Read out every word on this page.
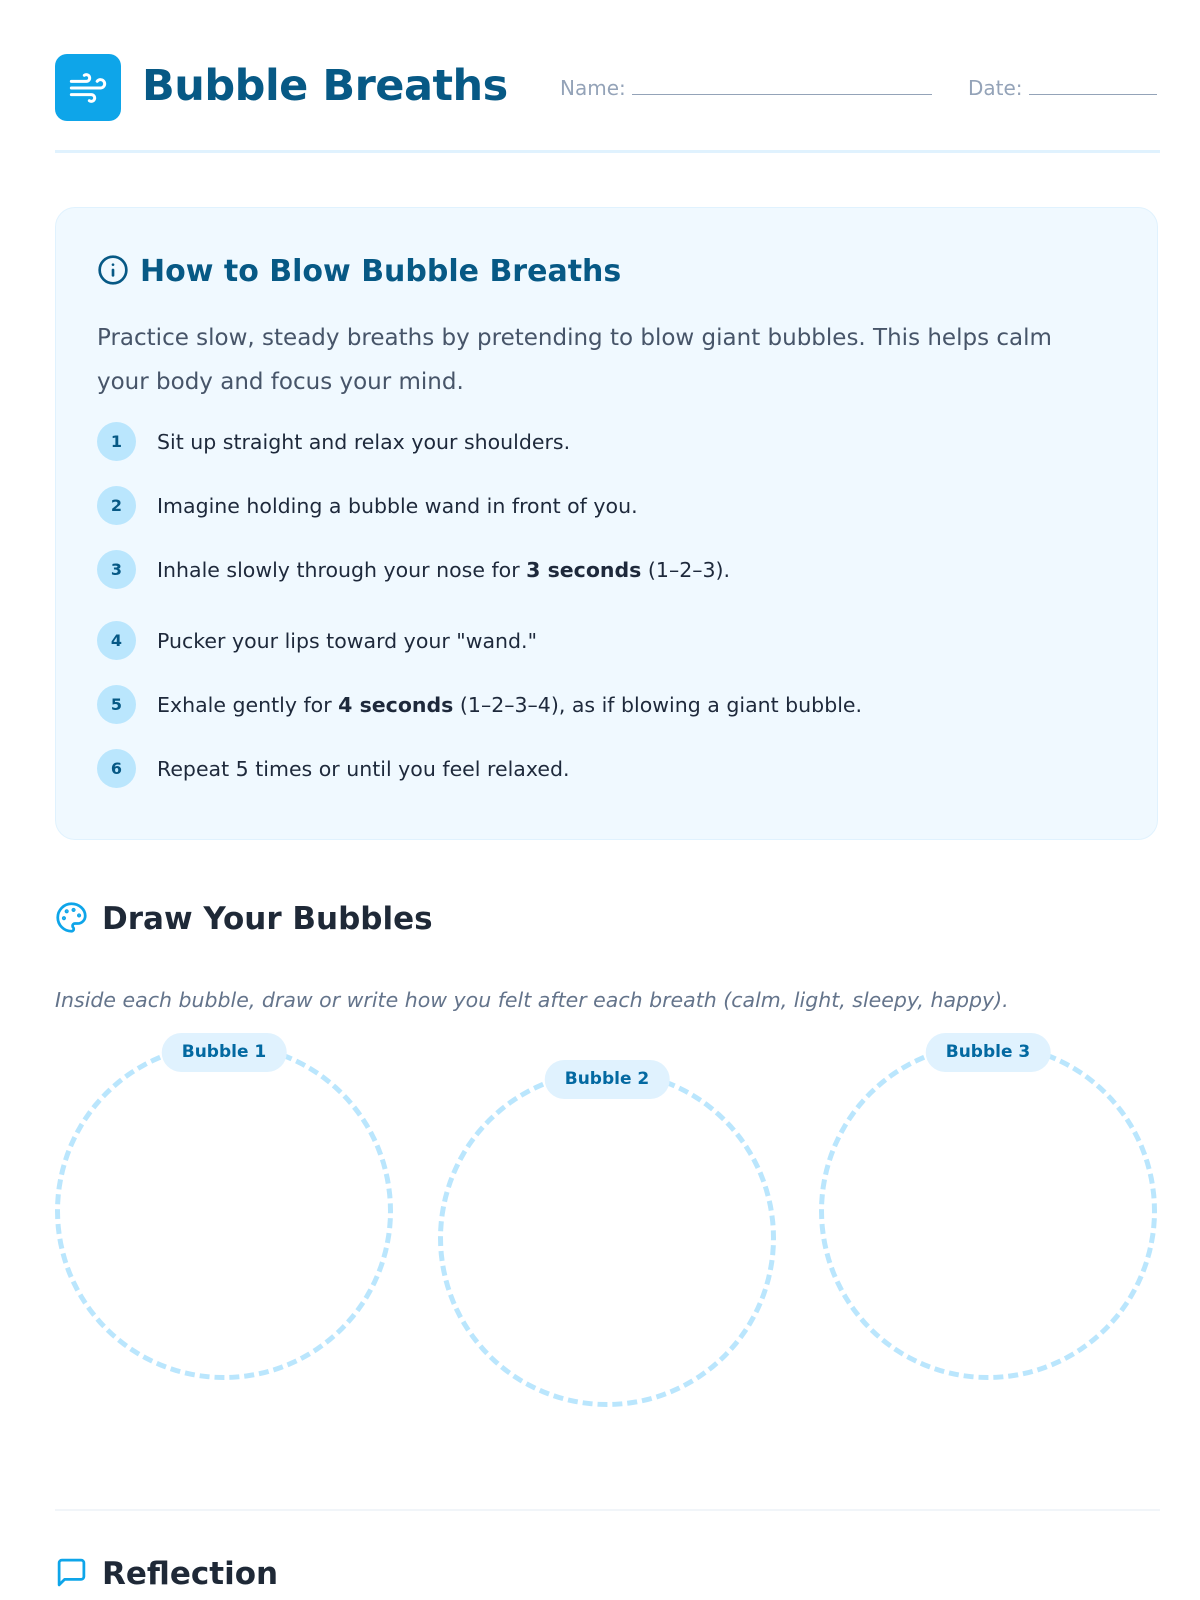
Bubble Breaths	Name:	Date:
How to Blow Bubble Breaths

Practice slow, steady breaths by pretending to blow giant bubbles. This helps calm your body and focus your mind.

1	Sit up straight and relax your shoulders.
2	Imagine holding a bubble wand in front of you.
3	Inhale slowly through your nose for 3 seconds (1–2–3).
4	Pucker your lips toward your "wand."
5	Exhale gently for 4 seconds (1–2–3–4), as if blowing a giant bubble.
6	Repeat 5 times or until you feel relaxed.
Draw Your Bubbles

Inside each bubble, draw or write how you felt after each breath (calm, light, sleepy, happy).

Bubble 1
Bubble 2
Bubble 3
Reflection
